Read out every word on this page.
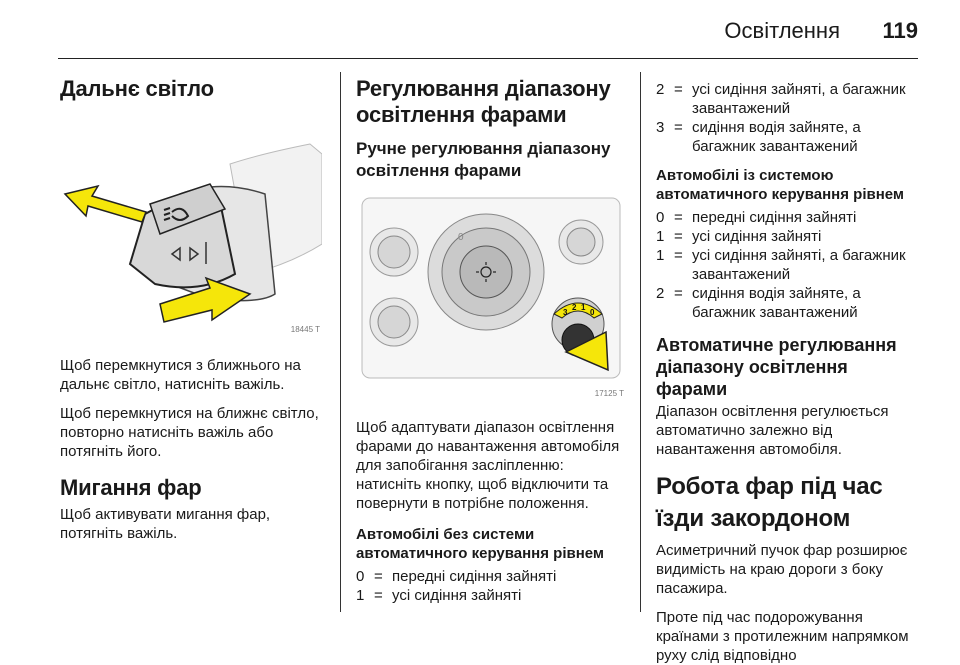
Освітлення 119
Дальнє світло
18445 T

Щоб перемкнутися з ближнього на дальнє світло, натисніть важіль.

Щоб перемкнутися на ближнє світло, повторно натисніть важіль або потягніть його.

Мигання фар

Щоб активувати мигання фар, потягніть важіль.

Регулювання діапазону освітлення фарами
Ручне регулювання діапазону освітлення фарами
0
3
2 1
0
17125 T

Щоб адаптувати діапазон освітлення фарами до навантаження автомобіля для запобігання засліпленню: натисніть кнопку, щоб відключити та повернути в потрібне положення.

Автомобілі без системи автоматичного керування рівнем
0 = передні сидіння зайняті
1 = усі сидіння зайняті
2 = усі сидіння зайняті, а багажник завантажений
3 = сидіння водія зайняте, а багажник завантажений
Автомобілі із системою автоматичного керування рівнем
0 = передні сидіння зайняті
1 = усі сидіння зайняті
1 = усі сидіння зайняті, а багажник завантажений
2 = сидіння водія зайняте, а багажник завантажений
Автоматичне регулювання діапазону освітлення фарами

Діапазон освітлення регулюється автоматично залежно від навантаження автомобіля.

Робота фар під час їзди закордоном

Асиметричний пучок фар розширює видимість на краю дороги з боку пасажира.

Проте під час подорожування країнами з протилежним напрямком руху слід відповідно
